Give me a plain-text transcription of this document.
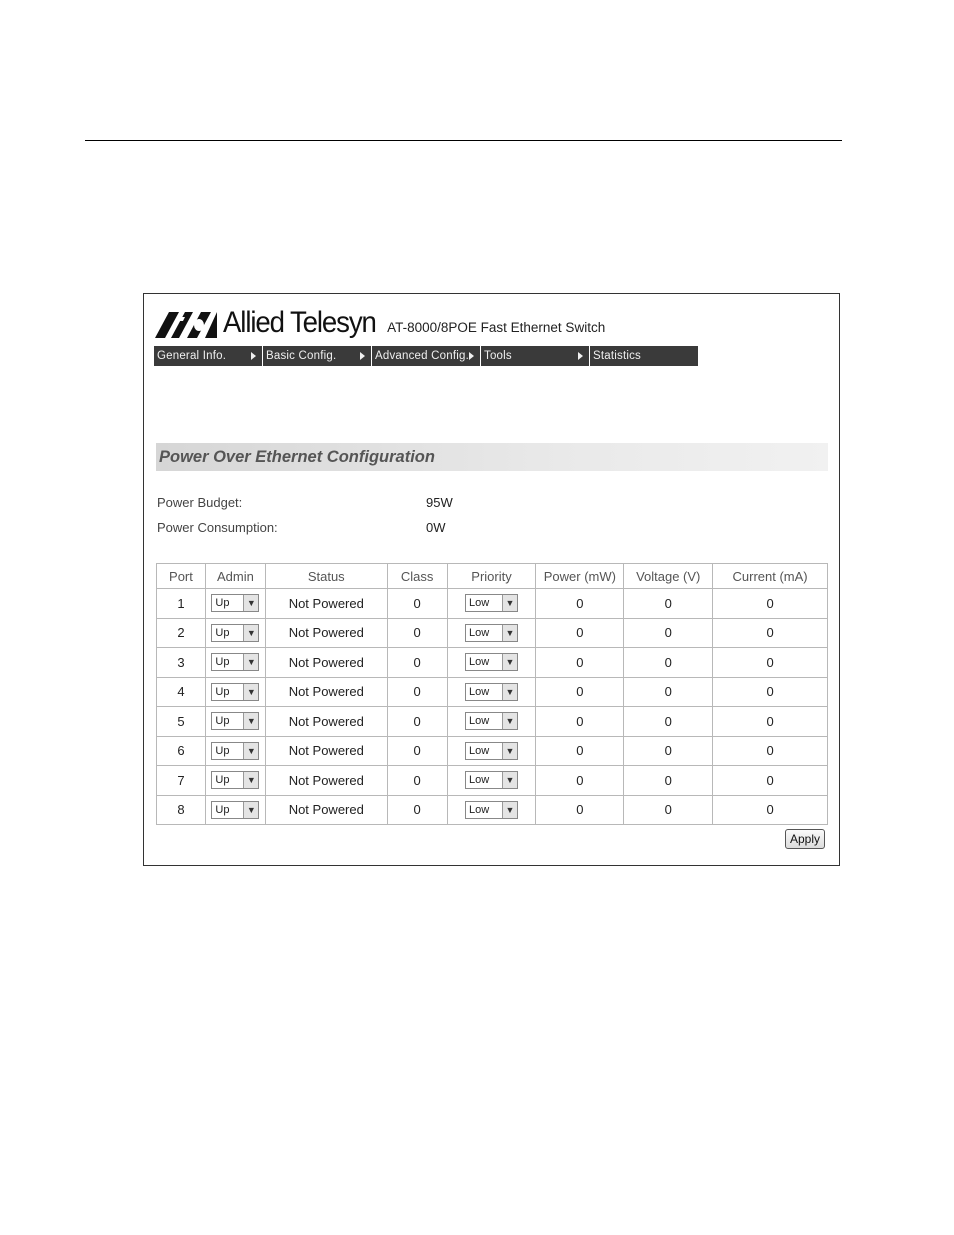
Allied Telesyn AT-8000/8POE Fast Ethernet Switch
General Info.	Basic Config.	Advanced Config.	Tools	Statistics
Power Over Ethernet Configuration
Power Budget:	95W
Power Consumption:	0W
Port	Admin	Status	Class	Priority	Power (mW)	Voltage (V)	Current (mA)
1	Up ▼	Not Powered	0	Low ▼	0	0	0
2	Up ▼	Not Powered	0	Low ▼	0	0	0
3	Up ▼	Not Powered	0	Low ▼	0	0	0
4	Up ▼	Not Powered	0	Low ▼	0	0	0
5	Up ▼	Not Powered	0	Low ▼	0	0	0
6	Up ▼	Not Powered	0	Low ▼	0	0	0
7	Up ▼	Not Powered	0	Low ▼	0	0	0
8	Up ▼	Not Powered	0	Low ▼	0	0	0
Apply
